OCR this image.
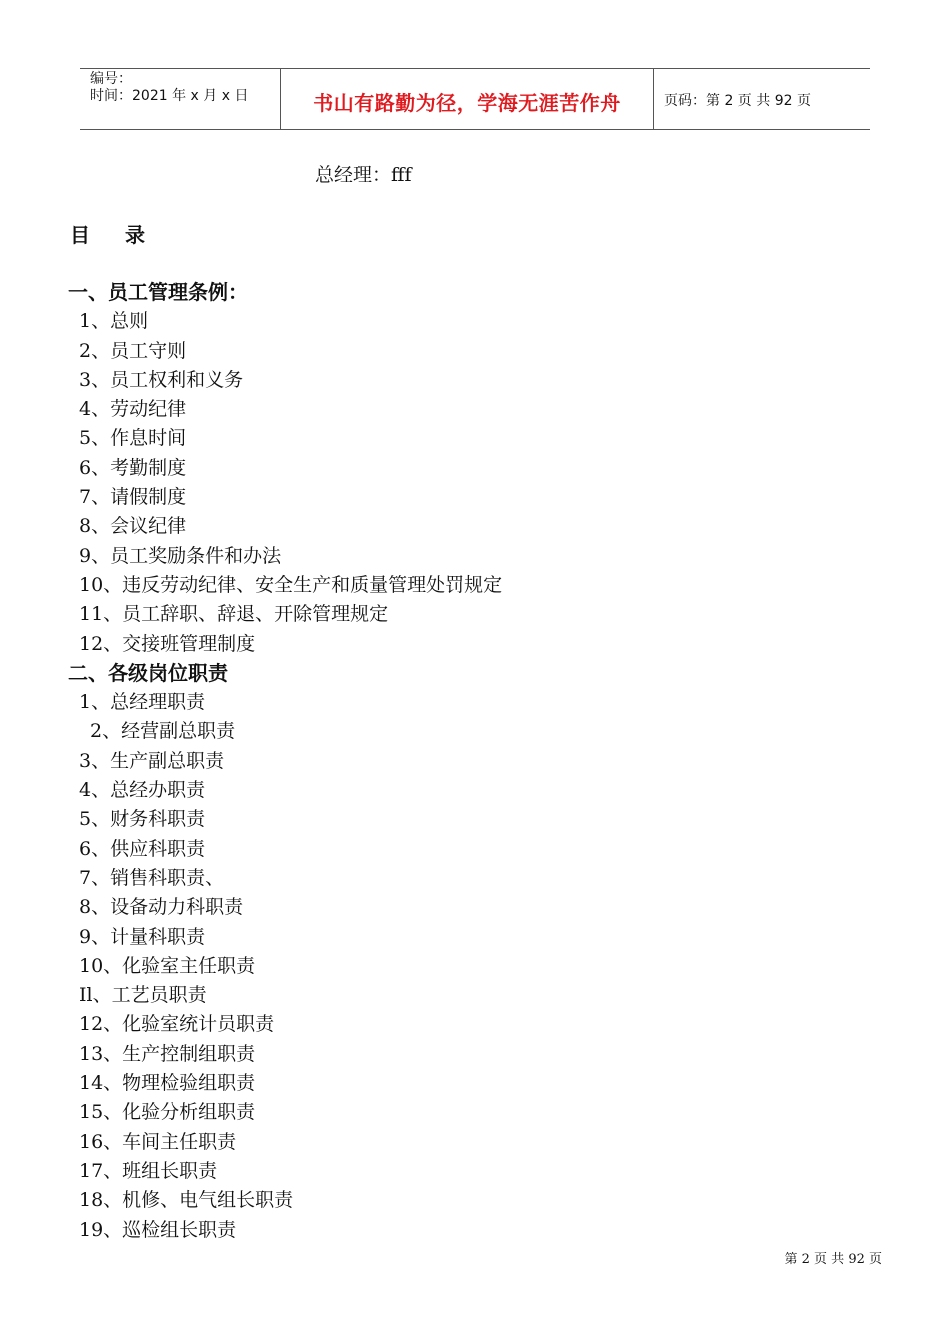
编号：
时间：2021 年 x 月 x 日	书山有路勤为径，学海无涯苦作舟	页码：第 2 页 共 92 页
总经理：fff
目 录
一、员工管理条例：
1、总则
2、员工守则
3、员工权利和义务
4、劳动纪律
5、作息时间
6、考勤制度
7、请假制度
8、会议纪律
9、员工奖励条件和办法
10、违反劳动纪律、安全生产和质量管理处罚规定
11、员工辞职、辞退、开除管理规定
12、交接班管理制度
二、各级岗位职责
1、总经理职责
2、经营副总职责
3、生产副总职责
4、总经办职责
5、财务科职责
6、供应科职责
7、销售科职责、
8、设备动力科职责
9、计量科职责
10、化验室主任职责
Il、工艺员职责
12、化验室统计员职责
13、生产控制组职责
14、物理检验组职责
15、化验分析组职责
16、车间主任职责
17、班组长职责
18、机修、电气组长职责
19、巡检组长职责
第 2 页 共 92 页
